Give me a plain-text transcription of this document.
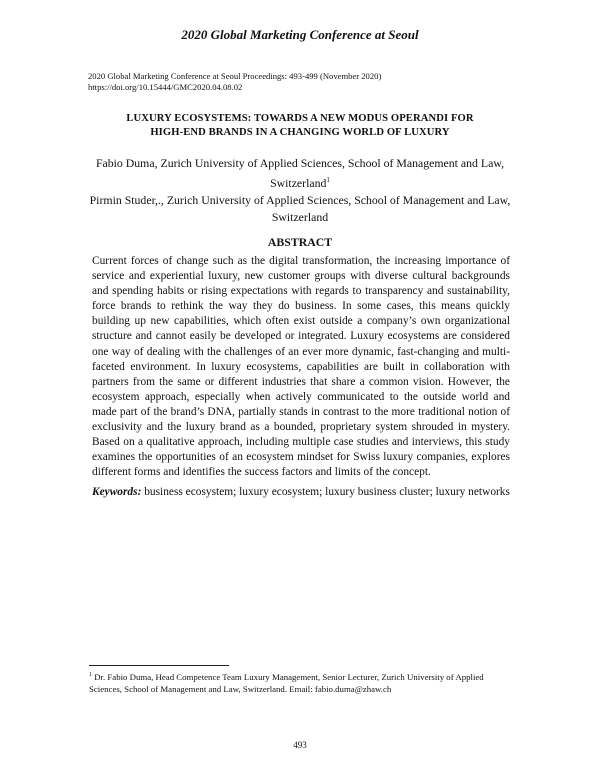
2020 Global Marketing Conference at Seoul
2020 Global Marketing Conference at Seoul Proceedings: 493-499 (November 2020)
https://doi.org/10.15444/GMC2020.04.08.02
LUXURY ECOSYSTEMS: TOWARDS A NEW MODUS OPERANDI FOR
HIGH-END BRANDS IN A CHANGING WORLD OF LUXURY
Fabio Duma, Zurich University of Applied Sciences, School of Management and Law, Switzerland$^1$
Pirmin Studer,., Zurich University of Applied Sciences, School of Management and Law, Switzerland
ABSTRACT
Current forces of change such as the digital transformation, the increasing importance of service and experiential luxury, new customer groups with diverse cultural backgrounds and spending habits or rising expectations with regards to transparency and sustainability, force brands to rethink the way they do business. In some cases, this means quickly building up new capabilities, which often exist outside a company’s own organizational structure and cannot easily be developed or integrated. Luxury ecosystems are considered one way of dealing with the challenges of an ever more dynamic, fast-changing and multi- faceted environment. In luxury ecosystems, capabilities are built in collaboration with partners from the same or different industries that share a common vision. However, the ecosystem approach, especially when actively communicated to the outside world and made part of the brand’s DNA, partially stands in contrast to the more traditional notion of exclusivity and the luxury brand as a bounded, proprietary system shrouded in mystery. Based on a qualitative approach, including multiple case studies and interviews, this study examines the opportunities of an ecosystem mindset for Swiss luxury companies, explores different forms and identifies the success factors and limits of the concept.
Keywords: business ecosystem; luxury ecosystem; luxury business cluster; luxury networks
$^1$ Dr. Fabio Duma, Head Competence Team Luxury Management, Senior Lecturer, Zurich University of Applied Sciences, School of Management and Law, Switzerland. Email: fabio.duma@zhaw.ch
493
